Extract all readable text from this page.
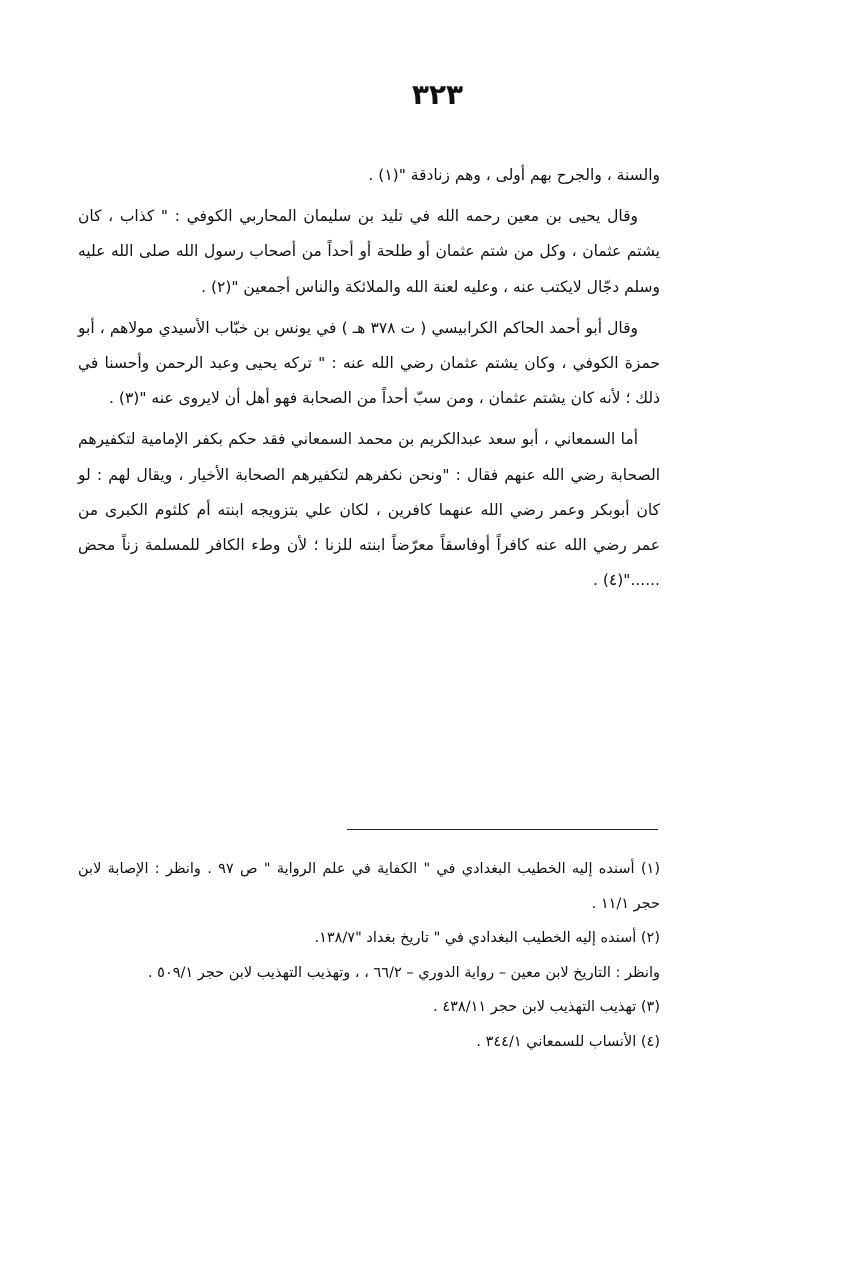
٣٢٣

والسنة ، والجرح بهم أولى ، وهم زنادقة "(١) .

وقال يحيى بن معين رحمه الله في تليد بن سليمان المحاربي الكوفي : " كذاب ، كان يشتم عثمان ، وكل من شتم عثمان أو طلحة أو أحداً من أصحاب رسول الله صلى الله عليه وسلم دجّال لايكتب عنه ، وعليه لعنة الله والملائكة والناس أجمعين "(٢) .

وقال أبو أحمد الحاكم الكرابيسي ( ت ٣٧٨ هـ ) في يونس بن خبّاب الأسيدي مولاهم ، أبو حمزة الكوفي ، وكان يشتم عثمان رضي الله عنه : " تركه يحيى وعبد الرحمن وأحسنا في ذلك ؛ لأنه كان يشتم عثمان ، ومن سبّ أحداً من الصحابة فهو أهل أن لايروى عنه "(٣) .

أما السمعاني ، أبو سعد عبدالكريم بن محمد السمعاني فقد حكم بكفر الإمامية لتكفيرهم الصحابة رضي الله عنهم فقال : "ونحن نكفرهم لتكفيرهم الصحابة الأخيار ، ويقال لهم : لو كان أبوبكر وعمر رضي الله عنهما كافرين ، لكان علي بتزويجه ابنته أم كلثوم الكبرى من عمر رضي الله عنه كافراً أوفاسقاً معرّضاً ابنته للزنا ؛ لأن وطء الكافر للمسلمة زناً محض ......"(٤) .

(١) أسنده إليه الخطيب البغدادي في " الكفاية في علم الرواية " ص ٩٧ . وانظر : الإصابة لابن حجر ١١/١ .

(٢) أسنده إليه الخطيب البغدادي في " تاريخ بغداد "١٣٨/٧.

وانظر : التاريخ لابن معين – رواية الدوري – ٦٦/٢ ، ، وتهذيب التهذيب لابن حجر ٥٠٩/١ .

(٣) تهذيب التهذيب لابن حجر ٤٣٨/١١ .

(٤) الأنساب للسمعاني ٣٤٤/١ .
